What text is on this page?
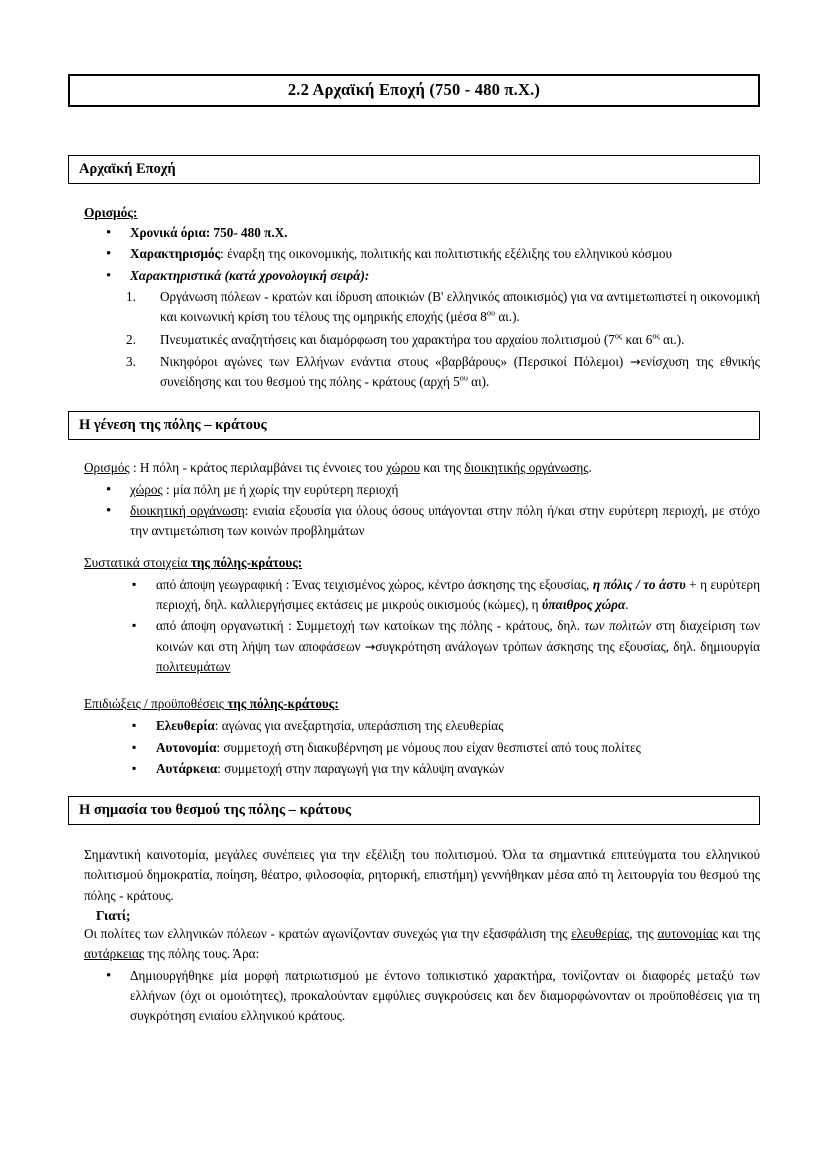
2.2 Αρχαϊκή Εποχή (750 - 480 π.Χ.)
Αρχαϊκή Εποχή
Ορισμός:
• Χρονικά όρια: 750- 480 π.Χ.
• Χαρακτηρισμός: έναρξη της οικονομικής, πολιτικής και πολιτιστικής εξέλιξης του ελληνικού κόσμου
• Χαρακτηριστικά (κατά χρονολογική σειρά):
1.	Οργάνωση πόλεων - κρατών και ίδρυση αποικιών (Β' ελληνικός αποικισμός) για να αντιμετωπιστεί η οικονομική και κοινωνική κρίση του τέλους της ομηρικής εποχής (μέσα $8^{o\upsilon}$ αι.).
2.	Πνευματικές αναζητήσεις και διαμόρφωση του χαρακτήρα του αρχαίου πολιτισμού ($7^{o\varsigma}$ και $6^{o\varsigma}$ αι.).
3.	Νικηφόροι αγώνες των Ελλήνων ενάντια στους «βαρβάρους» (Περσικοί Πόλεμοι) →ενίσχυση της εθνικής συνείδησης και του θεσμού της πόλης - κράτους (αρχή $5^{o\upsilon}$ αι).
Η γένεση της πόλης – κράτους

Ορισμός : Η πόλη - κράτος περιλαμβάνει τις έννοιες του χώρου και της διοικητικής οργάνωσης.

• χώρος : μία πόλη με ή χωρίς την ευρύτερη περιοχή
• διοικητική οργάνωση: ενιαία εξουσία για όλους όσους υπάγονται στην πόλη ή/και στην ευρύτερη περιοχή, με στόχο την αντιμετώπιση των κοινών προβλημάτων

Συστατικά στοιχεία της πόλης-κράτους:

▪ από άποψη γεωγραφική : Ένας τειχισμένος χώρος, κέντρο άσκησης της εξουσίας, η πόλις / το άστυ + η ευρύτερη περιοχή, δηλ. καλλιεργήσιμες εκτάσεις με μικρούς οικισμούς (κώμες), η ύπαιθρος χώρα.
▪ από άποψη οργανωτική : Συμμετοχή των κατοίκων της πόλης - κράτους, δηλ. των πολιτών στη διαχείριση των κοινών και στη λήψη των αποφάσεων →συγκρότηση ανάλογων τρόπων άσκησης της εξουσίας, δηλ. δημιουργία πολιτευμάτων

Επιδιώξεις / προϋποθέσεις της πόλης-κράτους:

▪ Ελευθερία: αγώνας για ανεξαρτησία, υπεράσπιση της ελευθερίας
▪ Αυτονομία: συμμετοχή στη διακυβέρνηση με νόμους που είχαν θεσπιστεί από τους πολίτες
▪ Αυτάρκεια: συμμετοχή στην παραγωγή για την κάλυψη αναγκών
Η σημασία του θεσμού της πόλης – κράτους

Σημαντική καινοτομία, μεγάλες συνέπειες για την εξέλιξη του πολιτισμού. Όλα τα σημαντικά επιτεύγματα του ελληνικού πολιτισμού δημοκρατία, ποίηση, θέατρο, φιλοσοφία, ρητορική, επιστήμη) γεννήθηκαν μέσα από τη λειτουργία του θεσμού της πόλης - κράτους.

Γιατί;

Οι πολίτες των ελληνικών πόλεων - κρατών αγωνίζονταν συνεχώς για την εξασφάλιση της ελευθερίας, της αυτονομίας και της αυτάρκειας της πόλης τους. Άρα:

• Δημιουργήθηκε μία μορφή πατριωτισμού με έντονο τοπικιστικό χαρακτήρα, τονίζονταν οι διαφορές μεταξύ των ελλήνων (όχι οι ομοιότητες), προκαλούνταν εμφύλιες συγκρούσεις και δεν διαμορφώνονταν οι προϋποθέσεις για τη συγκρότηση ενιαίου ελληνικού κράτους.
